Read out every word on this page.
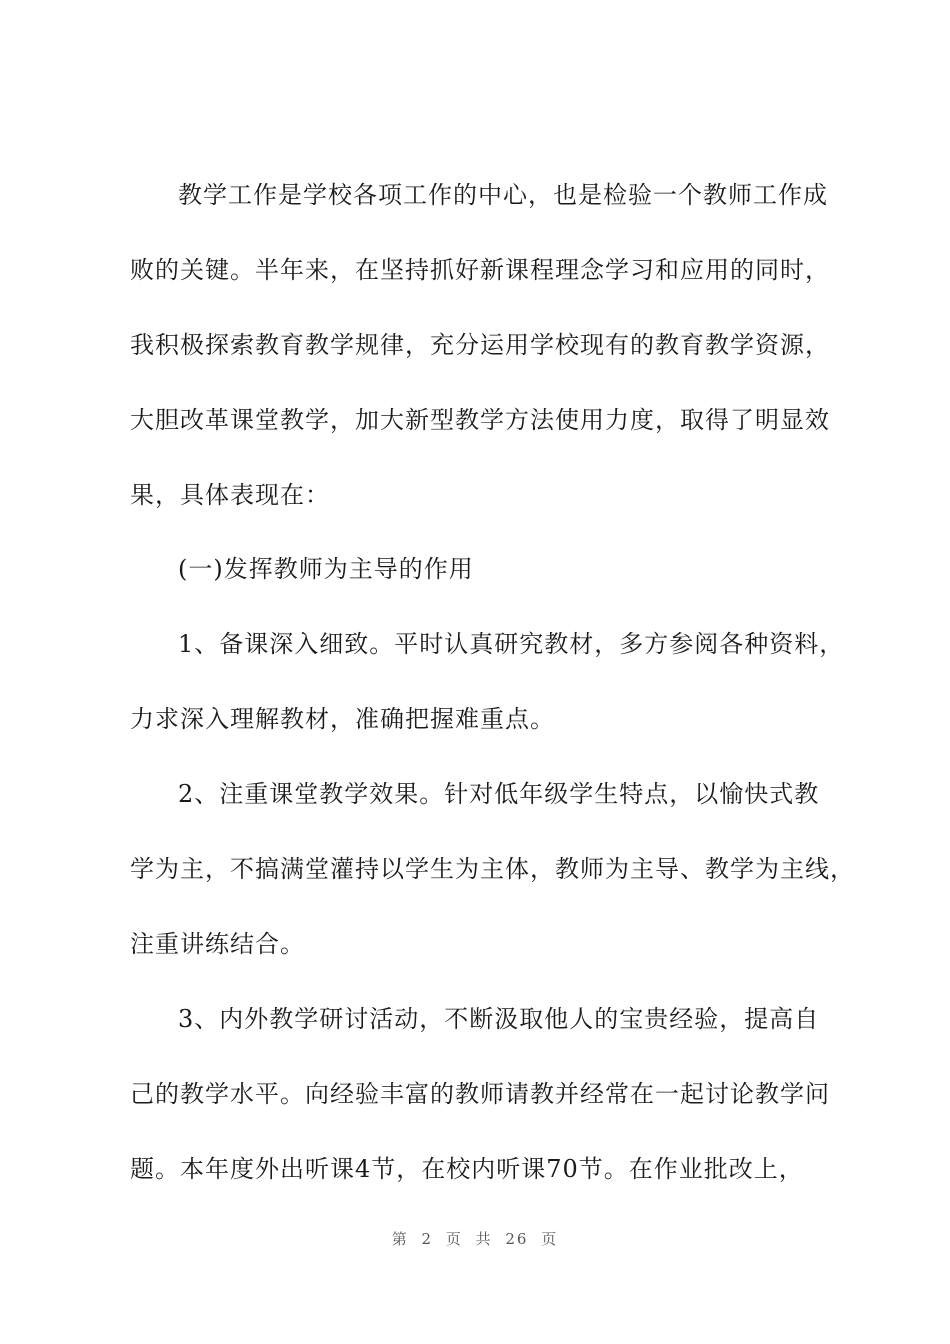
教学工作是学校各项工作的中心，也是检验一个教师工作成
败的关键。半年来，在坚持抓好新课程理念学习和应用的同时，
我积极探索教育教学规律，充分运用学校现有的教育教学资源，
大胆改革课堂教学，加大新型教学方法使用力度，取得了明显效
果，具体表现在：
(一)发挥教师为主导的作用
1、备课深入细致。平时认真研究教材，多方参阅各种资料，
力求深入理解教材，准确把握难重点。
2、注重课堂教学效果。针对低年级学生特点，以愉快式教
学为主，不搞满堂灌持以学生为主体，教师为主导、教学为主线，
注重讲练结合。
3、内外教学研讨活动，不断汲取他人的宝贵经验，提高自
己的教学水平。向经验丰富的教师请教并经常在一起讨论教学问
题。本年度外出听课4节，在校内听课70节。在作业批改上，
第 2 页 共 26 页
